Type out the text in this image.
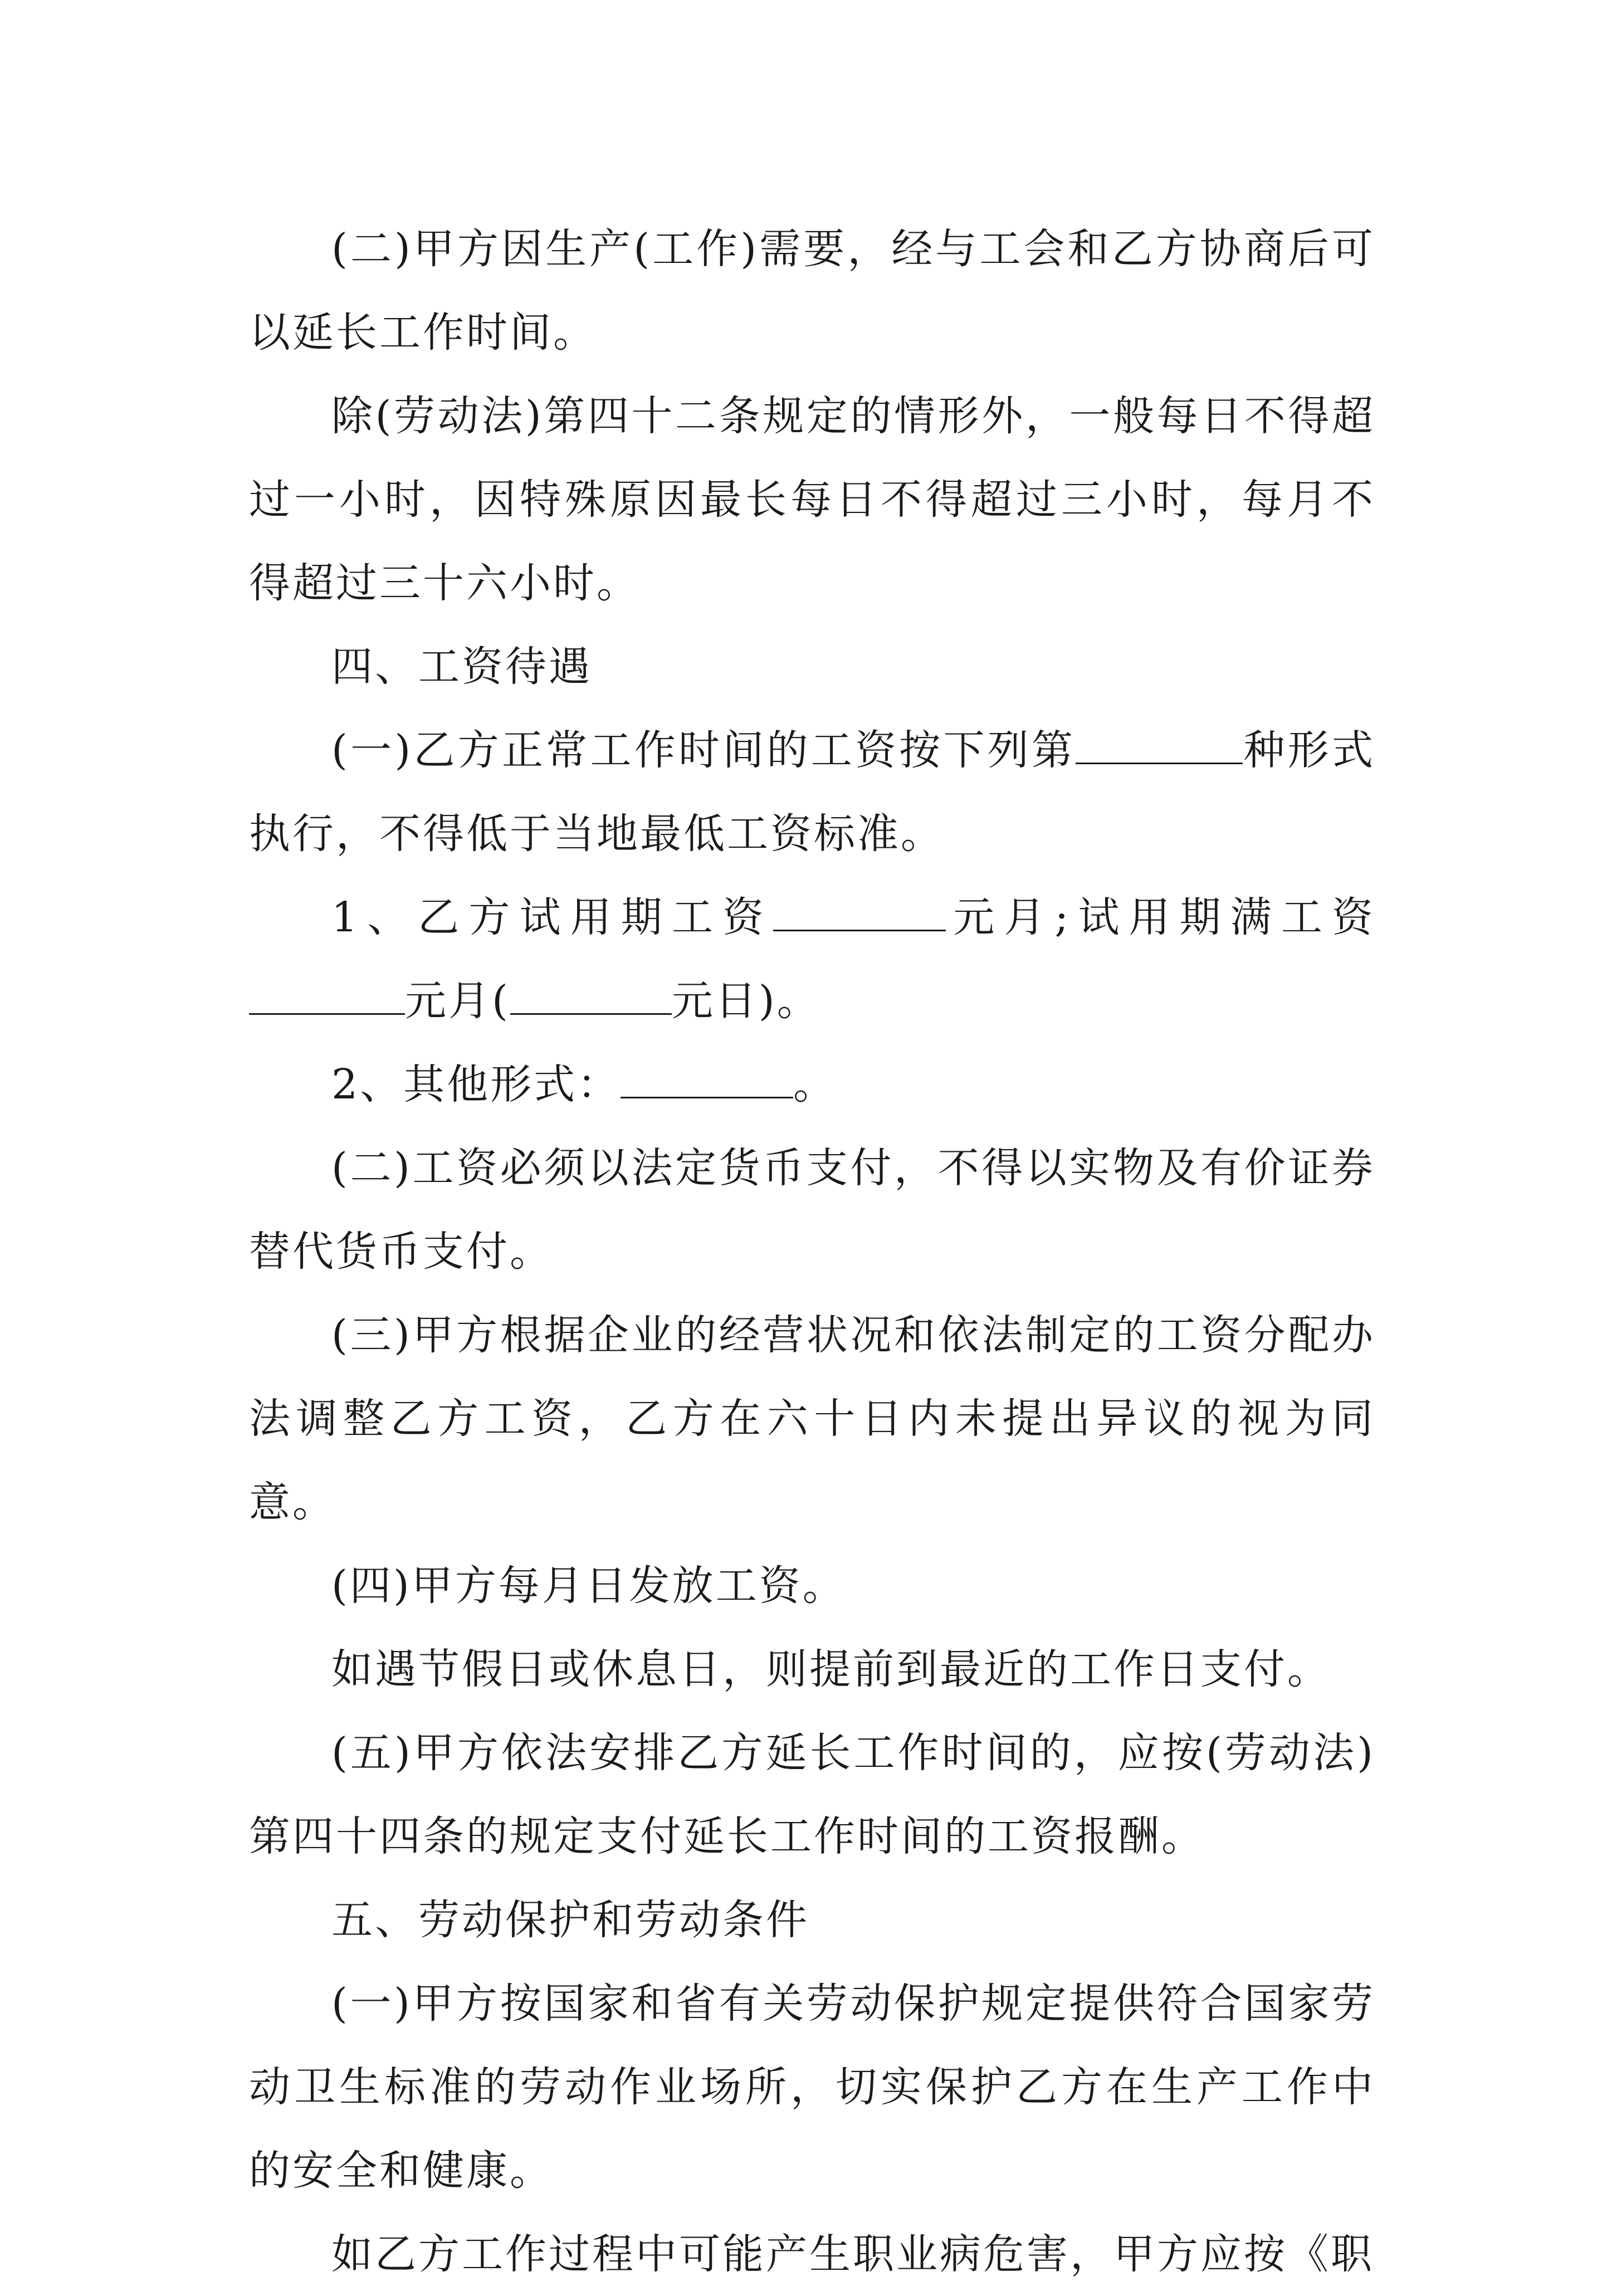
(二)甲方因生产(工作)需要，经与工会和乙方协商后可以延长工作时间。

除(劳动法)第四十二条规定的情形外，一般每日不得超过一小时，因特殊原因最长每日不得超过三小时，每月不得超过三十六小时。

四、工资待遇

(一)乙方正常工作时间的工资按下列第	种形式执行，不得低于当地最低工资标准。

1、乙方试用期工资	元月;试用期满工资元月(	元日)。

2、其他形式：	。

(二)工资必须以法定货币支付，不得以实物及有价证券替代货币支付。

(三)甲方根据企业的经营状况和依法制定的工资分配办法调整乙方工资，乙方在六十日内未提出异议的视为同意。

(四)甲方每月日发放工资。

如遇节假日或休息日，则提前到最近的工作日支付。

(五)甲方依法安排乙方延长工作时间的，应按(劳动法)第四十四条的规定支付延长工作时间的工资报酬。

五、劳动保护和劳动条件

(一)甲方按国家和省有关劳动保护规定提供符合国家劳动卫生标准的劳动作业场所，切实保护乙方在生产工作中的安全和健康。

如乙方工作过程中可能产生职业病危害，甲方应按《职
